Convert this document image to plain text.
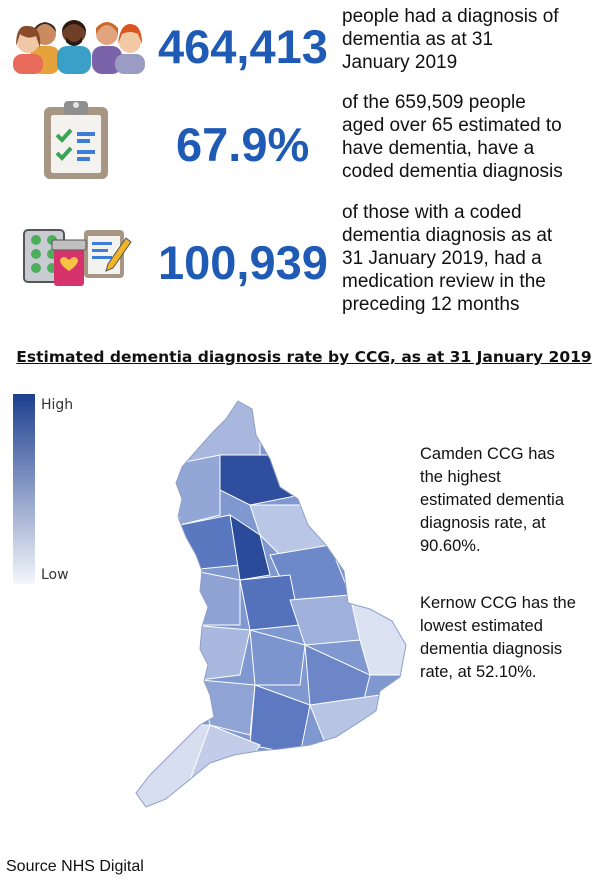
464,413
people had a diagnosis of
dementia as at 31
January 2019
67.9%
of the 659,509 people
aged over 65 estimated to
have dementia, have a
coded dementia diagnosis
100,939
of those with a coded
dementia diagnosis as at
31 January 2019, had a
medication review in the
preceding 12 months
Estimated dementia diagnosis rate by CCG, as at 31 January 2019
High
Low
Camden CCG has
the highest
estimated dementia
diagnosis rate, at
90.60%.
Kernow CCG has the
lowest estimated
dementia diagnosis
rate, at 52.10%.
Source NHS Digital
